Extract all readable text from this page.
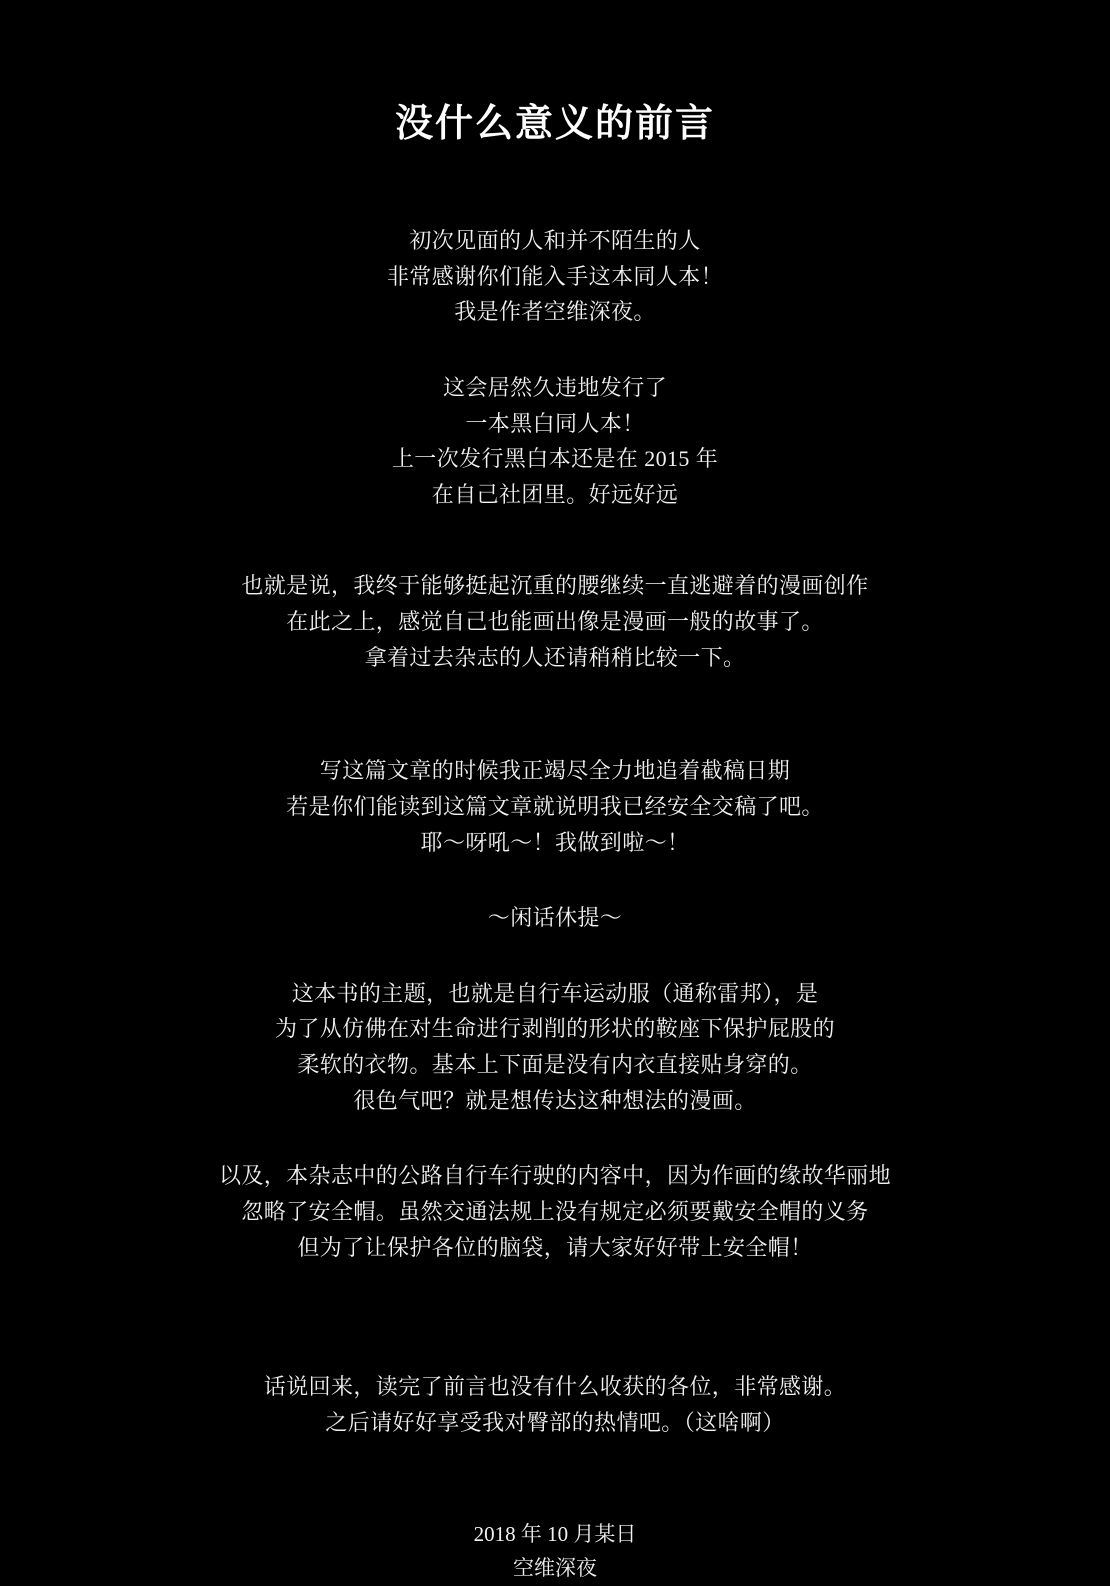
没什么意义的前言

初次见面的人和并不陌生的人

非常感谢你们能入手这本同人本！

我是作者空维深夜。

这会居然久违地发行了

一本黑白同人本！

上一次发行黑白本还是在 2015 年

在自己社团里。好远好远

也就是说，我终于能够挺起沉重的腰继续一直逃避着的漫画创作

在此之上，感觉自己也能画出像是漫画一般的故事了。

拿着过去杂志的人还请稍稍比较一下。

写这篇文章的时候我正竭尽全力地追着截稿日期

若是你们能读到这篇文章就说明我已经安全交稿了吧。

耶～呀吼～！我做到啦～！

～闲话休提～

这本书的主题，也就是自行车运动服（通称雷邦），是

为了从仿佛在对生命进行剥削的形状的鞍座下保护屁股的

柔软的衣物。基本上下面是没有内衣直接贴身穿的。

很色气吧？就是想传达这种想法的漫画。

以及，本杂志中的公路自行车行驶的内容中，因为作画的缘故华丽地

忽略了安全帽。虽然交通法规上没有规定必须要戴安全帽的义务

但为了让保护各位的脑袋，请大家好好带上安全帽！

话说回来，读完了前言也没有什么收获的各位，非常感谢。

之后请好好享受我对臀部的热情吧。（这啥啊）

2018 年 10 月某日

空维深夜
